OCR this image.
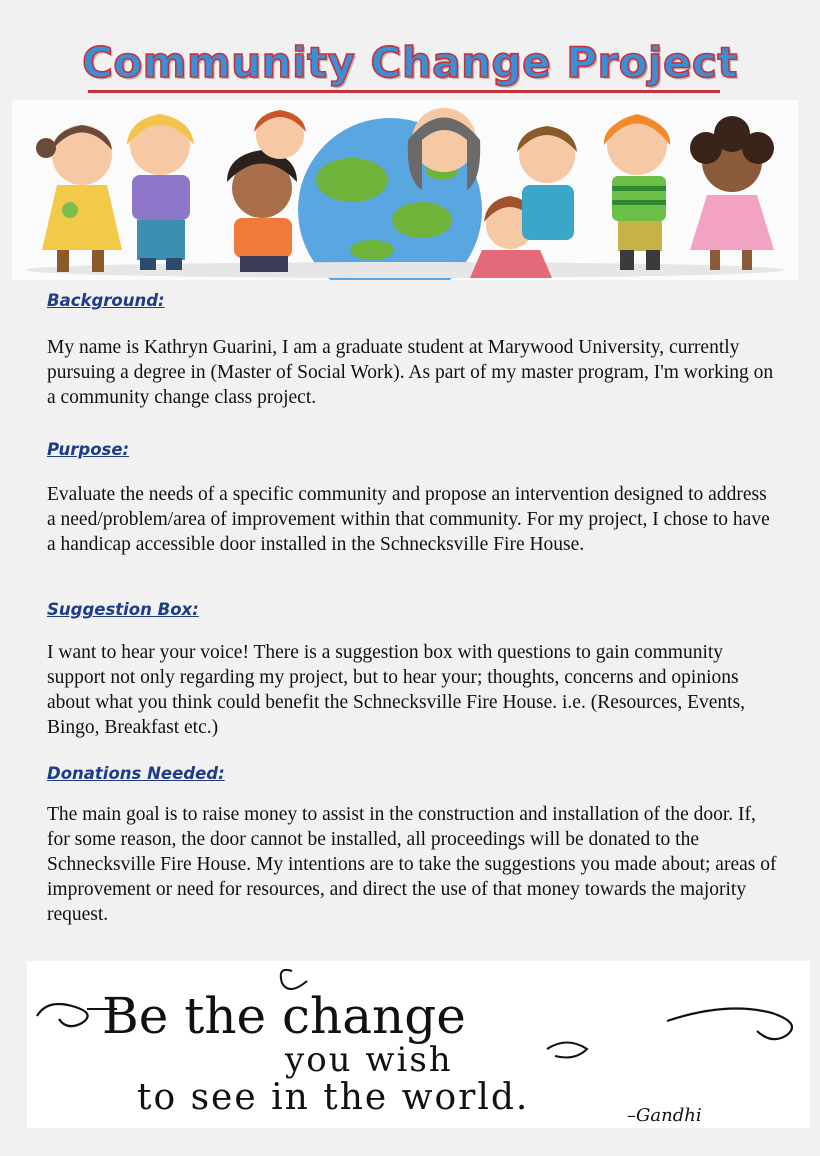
Community Change Project
Background:
My name is Kathryn Guarini, I am a graduate student at Marywood University, currently pursuing a degree in (Master of Social Work). As part of my master program, I'm working on a community change class project.
Purpose:
Evaluate the needs of a specific community and propose an intervention designed to address a need/problem/area of improvement within that community. For my project, I chose to have a handicap accessible door installed in the Schnecksville Fire House.
Suggestion Box:
I want to hear your voice! There is a suggestion box with questions to gain community support not only regarding my project, but to hear your; thoughts, concerns and opinions about what you think could benefit the Schnecksville Fire House. i.e. (Resources, Events, Bingo, Breakfast etc.)
Donations Needed:
The main goal is to raise money to assist in the construction and installation of the door. If, for some reason, the door cannot be installed, all proceedings will be donated to the Schnecksville Fire House. My intentions are to take the suggestions you made about; areas of improvement or need for resources, and direct the use of that money towards the majority request.
Be the change
you wish
to see in the world.	–Gandhi
